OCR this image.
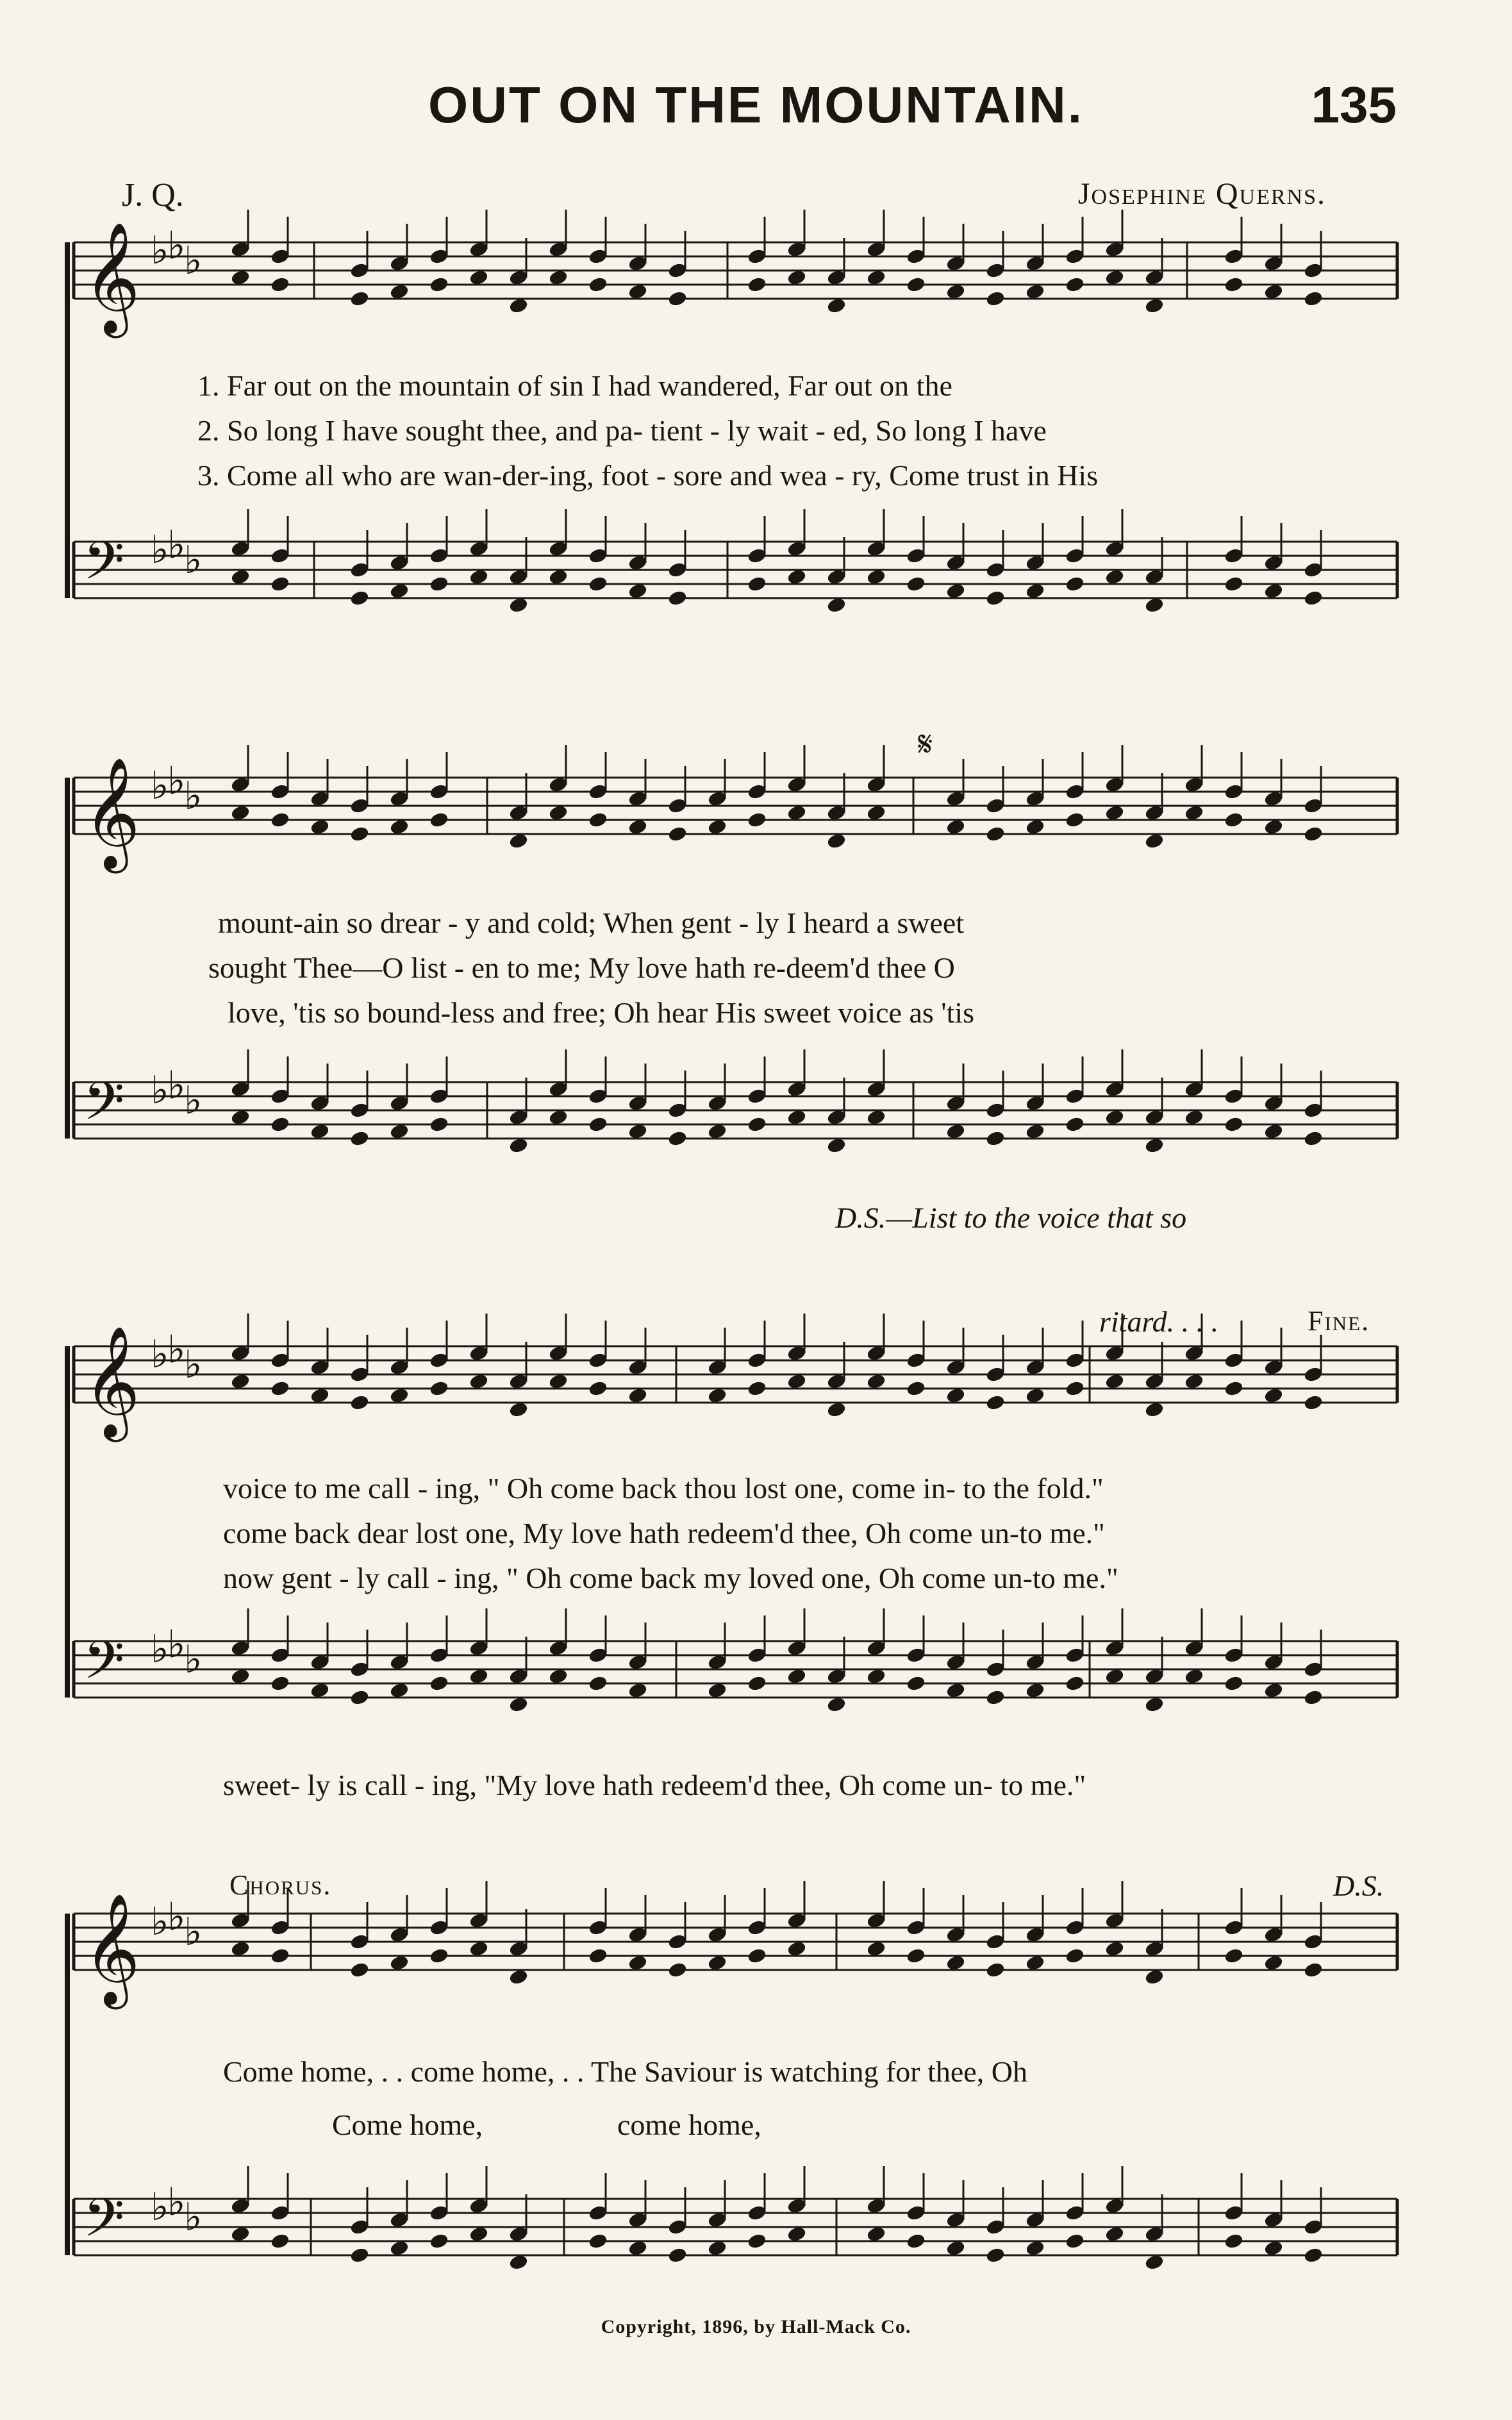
OUT ON THE MOUNTAIN.	135
J. Q.	Josephine Querns.
𝄞 ♭
♭
♭
𝄢 ♭
♭
♭
𝄞 ♭
♭
♭
𝄢 ♭
♭
♭
𝄞 ♭
♭
♭
𝄢 ♭
♭
♭
𝄞 ♭
♭
♭
𝄢 ♭
♭
♭
1. Far out on the mountain of sin I had wandered, Far out on the
2. So long I have sought thee, and pa- tient - ly wait - ed, So long I have
3. Come all who are wan-der-ing, foot - sore and wea - ry, Come trust in His
𝄋
mount-ain so drear - y and cold; When gent - ly I heard a sweet
sought Thee—O list - en to me; My love hath re-deem'd thee O
love, 'tis so bound-less and free; Oh hear His sweet voice as 'tis
D.S.—List to the voice that so
ritard. . . .	Fine.
voice to me call - ing, " Oh come back thou lost one, come in- to the fold."
come back dear lost one, My love hath redeem'd thee, Oh come un-to me."
now gent - ly call - ing, " Oh come back my loved one, Oh come un-to me."
sweet- ly is call - ing, "My love hath redeem'd thee, Oh come un- to me."
Chorus.	D.S.
Come home, . . come home, . . The Saviour is watching for thee, Oh
Come home,	come home,
Copyright, 1896, by Hall-Mack Co.
